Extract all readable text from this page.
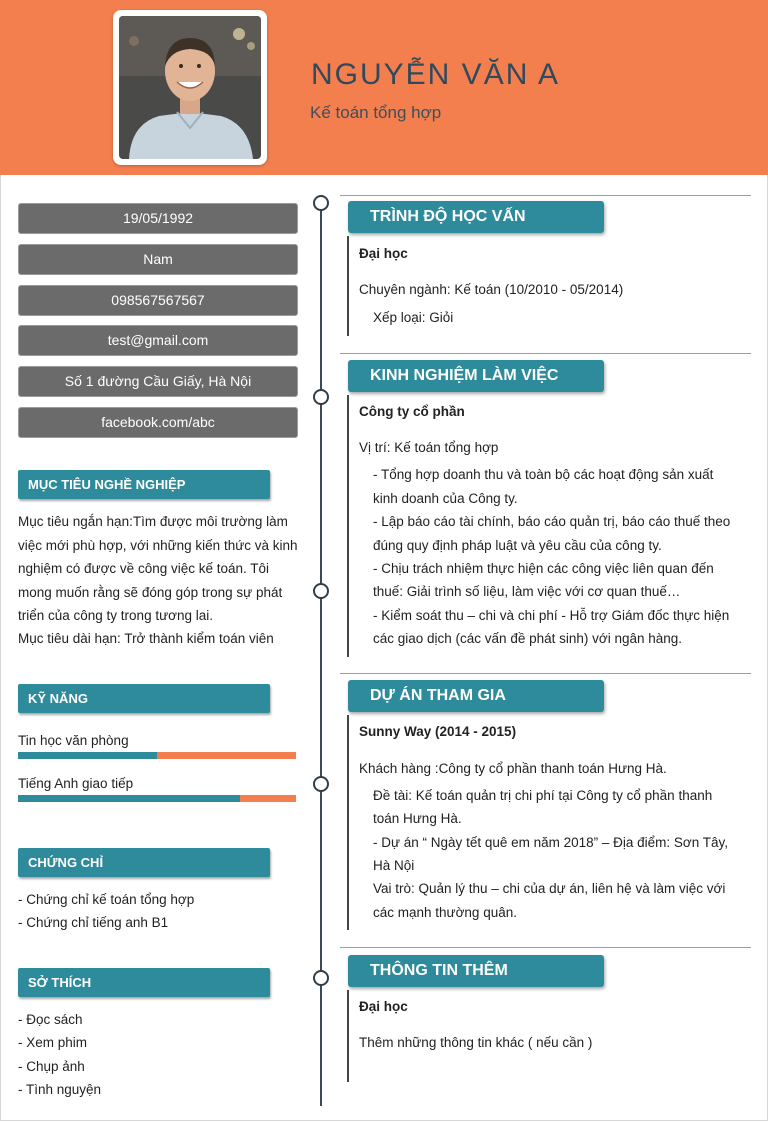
NGUYỄN VĂN A
Kế toán tổng hợp
19/05/1992
Nam
098567567567
test@gmail.com
Số 1 đường Cầu Giấy, Hà Nội
facebook.com/abc
MỤC TIÊU NGHỀ NGHIỆP
Mục tiêu ngắn hạn:Tìm được môi trường làm
việc mới phù hợp, với những kiến thức và kinh
nghiệm có được về công việc kế toán. Tôi
mong muốn rằng sẽ đóng góp trong sự phát
triển của công ty trong tương lai.
Mục tiêu dài hạn: Trở thành kiểm toán viên
KỸ NĂNG
Tin học văn phòng
Tiếng Anh giao tiếp
CHỨNG CHỈ
- Chứng chỉ kế toán tổng hợp
- Chứng chỉ tiếng anh B1
SỞ THÍCH
- Đọc sách
- Xem phim
- Chụp ảnh
- Tình nguyện
TRÌNH ĐỘ HỌC VẤN
Đại học
Chuyên ngành: Kế toán (10/2010 - 05/2014)
Xếp loại: Giỏi
KINH NGHIỆM LÀM VIỆC
Công ty cổ phần
Vị trí: Kế toán tổng hợp
- Tổng hợp doanh thu và toàn bộ các hoạt động sản xuất
kinh doanh của Công ty.
- Lập báo cáo tài chính, báo cáo quản trị, báo cáo thuế theo
đúng quy định pháp luật và yêu cầu của công ty.
- Chịu trách nhiệm thực hiện các công việc liên quan đến
thuế: Giải trình số liệu, làm việc với cơ quan thuế…
- Kiểm soát thu – chi và chi phí - Hỗ trợ Giám đốc thực hiện
các giao dịch (các vấn đề phát sinh) với ngân hàng.
DỰ ÁN THAM GIA
Sunny Way (2014 - 2015)
Khách hàng :Công ty cổ phần thanh toán Hưng Hà.
Đề tài: Kế toán quản trị chi phí tại Công ty cổ phần thanh
toán Hưng Hà.
- Dự án “ Ngày tết quê em năm 2018” – Địa điểm: Sơn Tây,
Hà Nội
Vai trò: Quản lý thu – chi của dự án, liên hệ và làm việc với
các mạnh thường quân.
THÔNG TIN THÊM
Đại học
Thêm những thông tin khác ( nếu cần )
